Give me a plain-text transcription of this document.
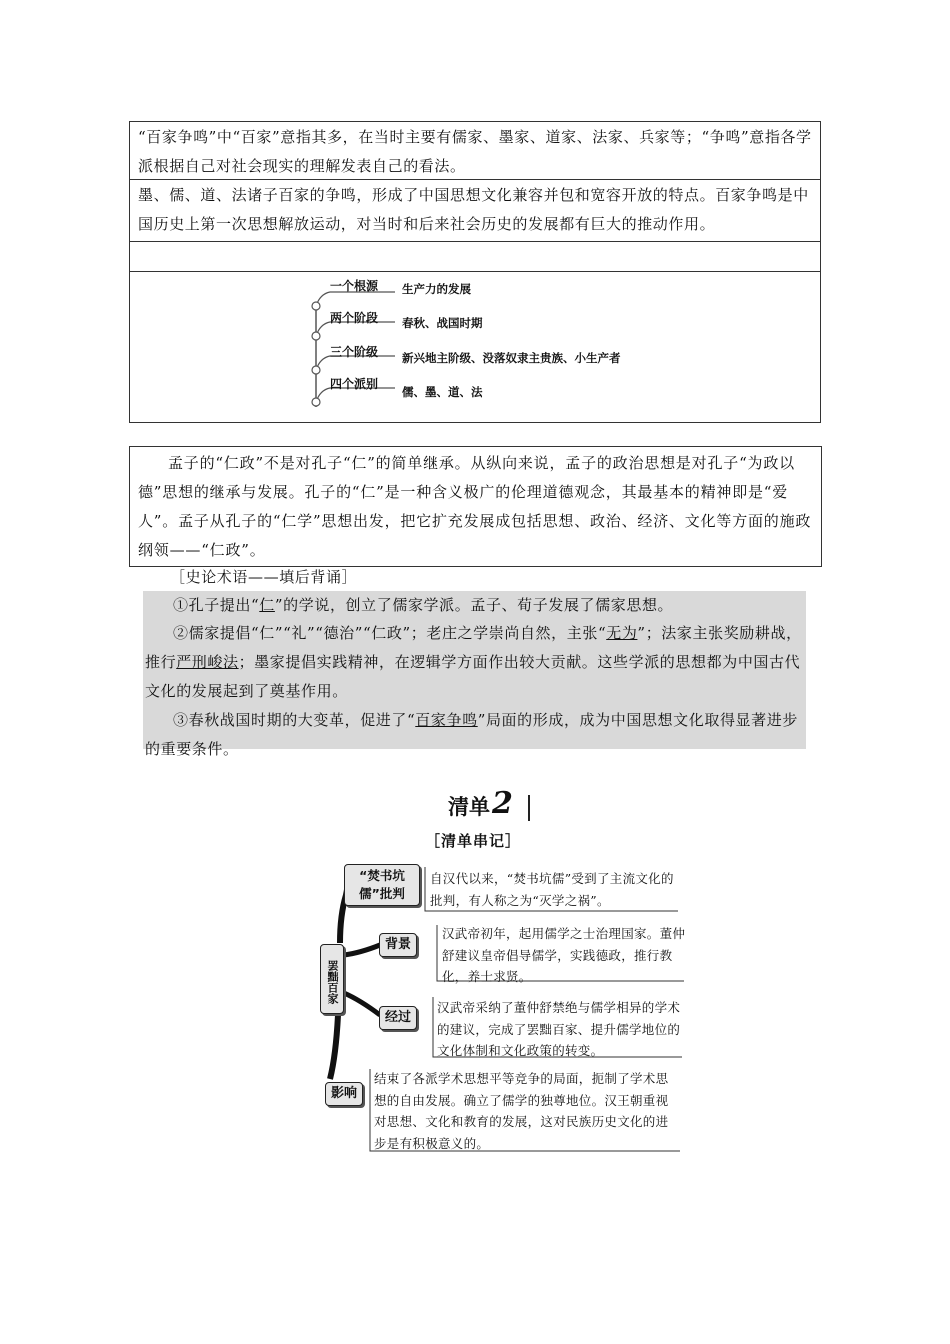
“百家争鸣”中“百家”意指其多，在当时主要有儒家、墨家、道家、法家、兵家等；“争鸣”意指各学派根据自己对社会现实的理解发表自己的看法。
墨、儒、道、法诸子百家的争鸣，形成了中国思想文化兼容并包和宽容开放的特点。百家争鸣是中国历史上第一次思想解放运动，对当时和后来社会历史的发展都有巨大的推动作用。
一个根源 生产力的发展
两个阶段 春秋、战国时期
三个阶级 新兴地主阶级、没落奴隶主贵族、小生产者
四个派别
儒、墨、道、法
孟子的“仁政”不是对孔子“仁”的简单继承。从纵向来说，孟子的政治思想是对孔子“为政以德”思想的继承与发展。孔子的“仁”是一种含义极广的伦理道德观念，其最基本的精神即是“爱人”。孟子从孔子的“仁学”思想出发，把它扩充发展成包括思想、政治、经济、文化等方面的施政纲领——“仁政”。
［史论术语——填后背诵］
①孔子提出“仁”的学说，创立了儒家学派。孟子、荀子发展了儒家思想。
②儒家提倡“仁”“礼”“德治”“仁政”；老庄之学崇尚自然，主张“无为”；法家主张奖励耕战，推行严刑峻法；墨家提倡实践精神，在逻辑学方面作出较大贡献。这些学派的思想都为中国古代文化的发展起到了奠基作用。
③春秋战国时期的大变革，促进了“百家争鸣”局面的形成，成为中国思想文化取得显著进步的重要条件。
清单2
［清单串记］
罢黜百家
“焚书坑儒”批判
自汉代以来，“焚书坑儒”受到了主流文化的批判，有人称之为“灭学之祸”。
背景
汉武帝初年，起用儒学之士治理国家。董仲舒建议皇帝倡导儒学，实践德政，推行教化，养士求贤。
经过
汉武帝采纳了董仲舒禁绝与儒学相异的学术的建议，完成了罢黜百家、提升儒学地位的文化体制和文化政策的转变。
影响
结束了各派学术思想平等竞争的局面，扼制了学术思想的自由发展。确立了儒学的独尊地位。汉王朝重视对思想、文化和教育的发展，这对民族历史文化的进步是有积极意义的。
